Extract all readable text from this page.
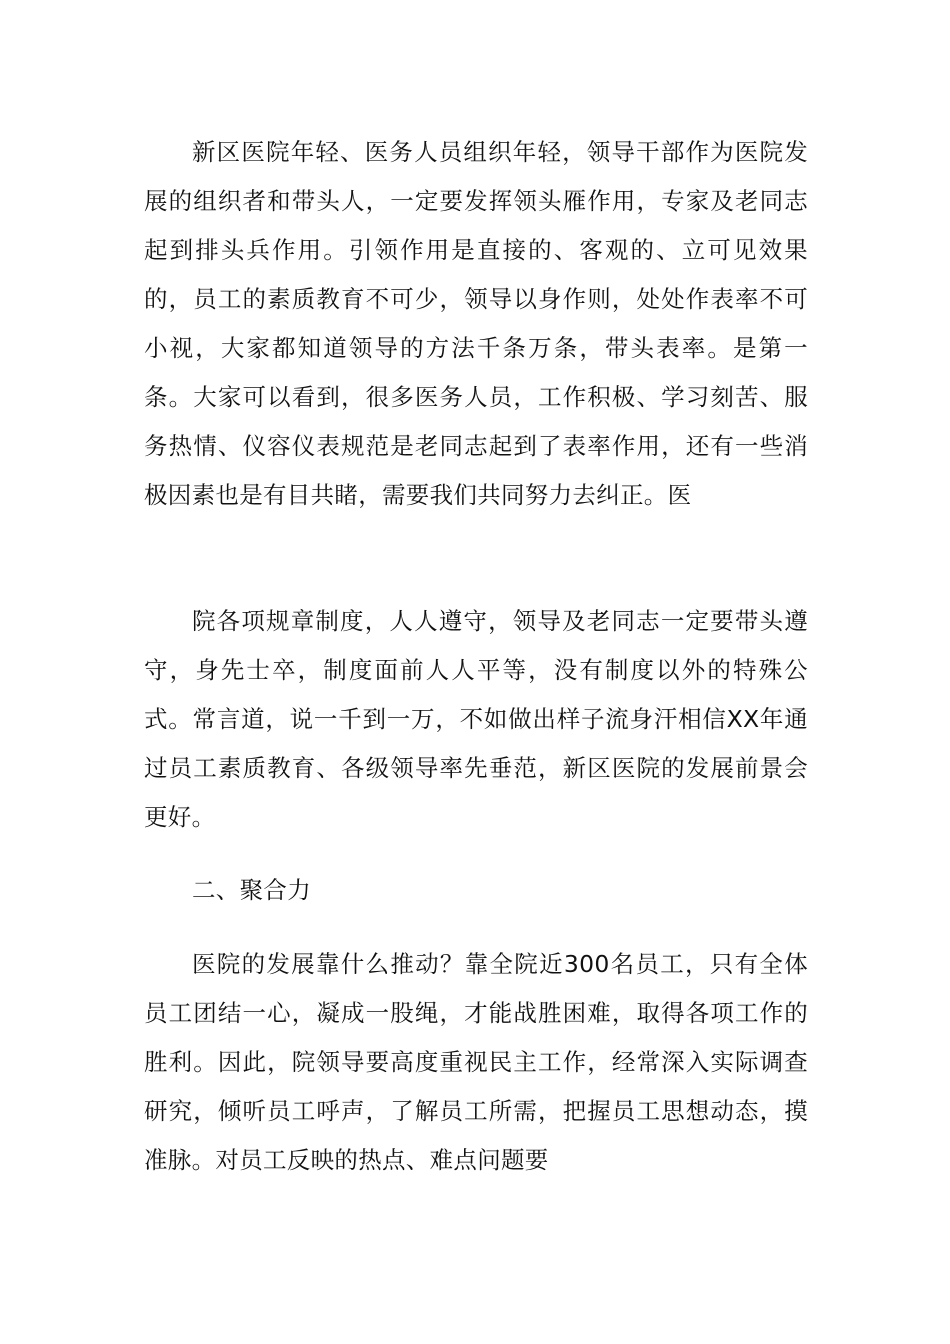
新区医院年轻、医务人员组织年轻，领导干部作为医院发展的组织者和带头人，一定要发挥领头雁作用，专家及老同志起到排头兵作用。引领作用是直接的、客观的、立可见效果的，员工的素质教育不可少，领导以身作则，处处作表率不可小视，大家都知道领导的方法千条万条，带头表率。是第一条。大家可以看到，很多医务人员，工作积极、学习刻苦、服务热情、仪容仪表规范是老同志起到了表率作用，还有一些消极因素也是有目共睹，需要我们共同努力去纠正。医

院各项规章制度，人人遵守，领导及老同志一定要带头遵守，身先士卒，制度面前人人平等，没有制度以外的特殊公式。常言道，说一千到一万，不如做出样子流身汗相信XX年通过员工素质教育、各级领导率先垂范，新区医院的发展前景会更好。

二、聚合力

医院的发展靠什么推动？靠全院近300名员工，只有全体员工团结一心，凝成一股绳，才能战胜困难，取得各项工作的胜利。因此，院领导要高度重视民主工作，经常深入实际调查研究，倾听员工呼声，了解员工所需，把握员工思想动态，摸准脉。对员工反映的热点、难点问题要
